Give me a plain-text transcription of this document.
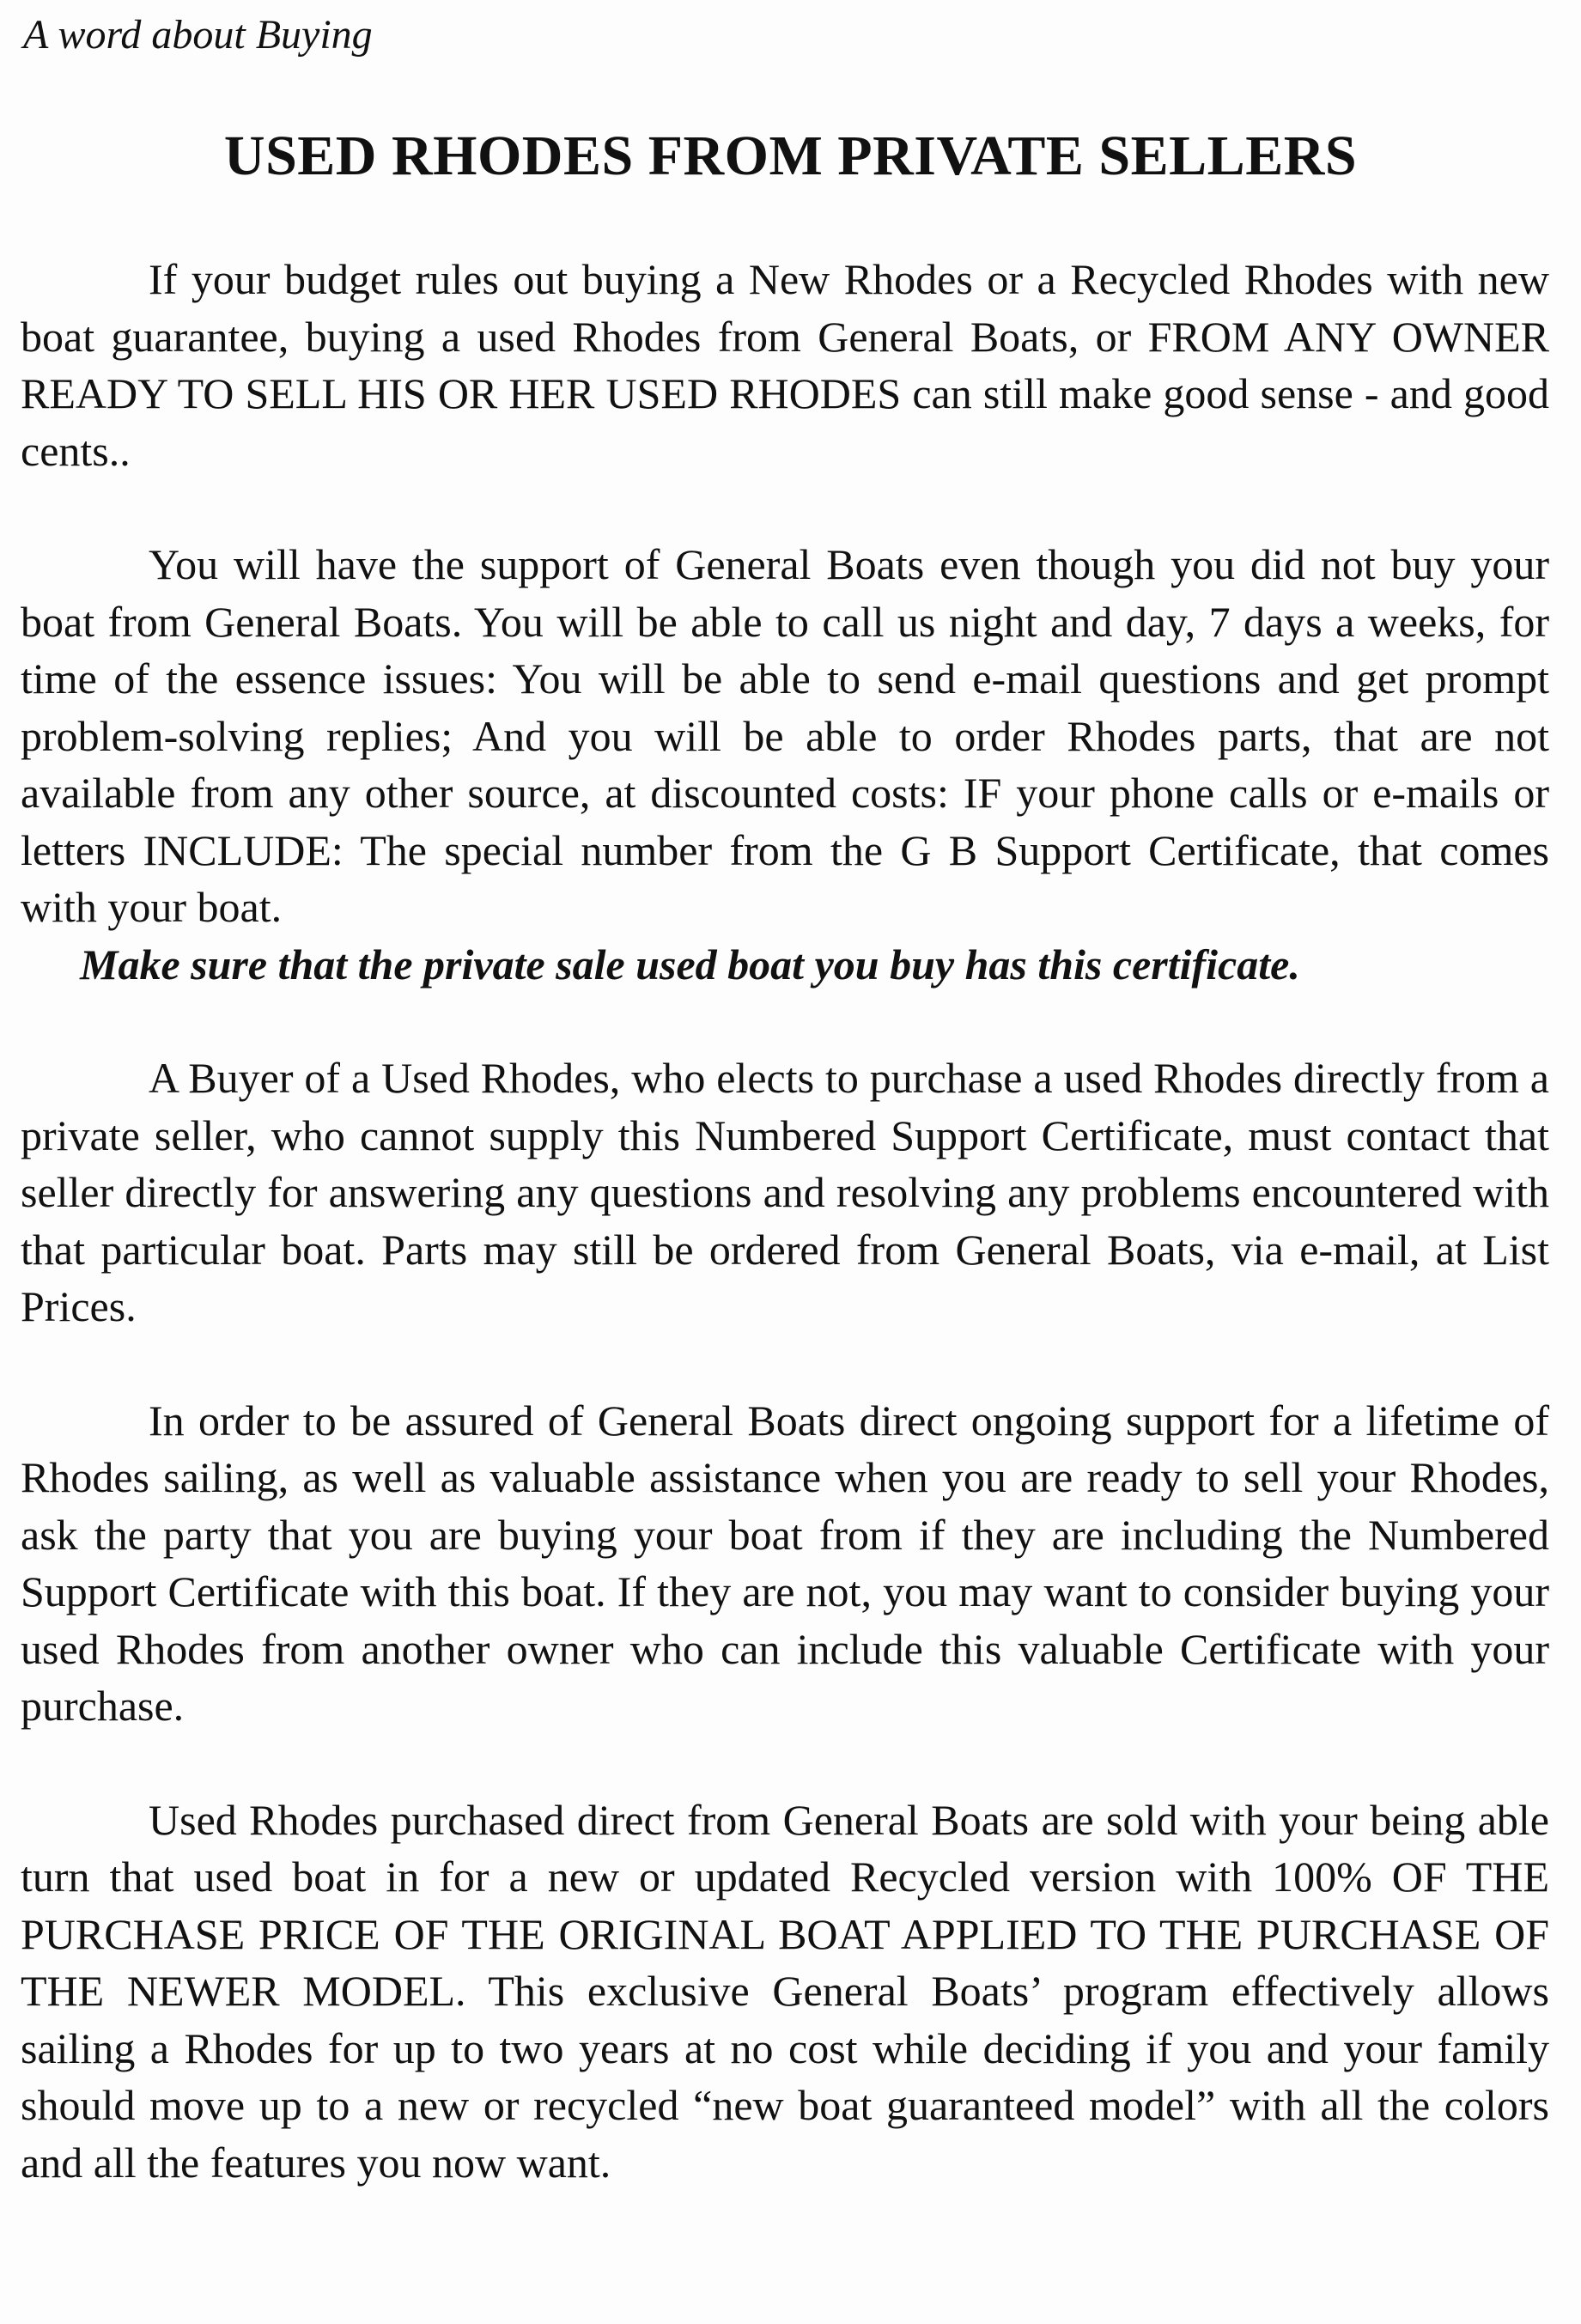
A word about Buying

USED RHODES FROM PRIVATE SELLERS

If your budget rules out buying a New Rhodes or a Recycled Rhodes with new boat guarantee, buying a used Rhodes from General Boats, or FROM ANY OWNER READY TO SELL HIS OR HER USED RHODES can still make good sense - and good cents..

You will have the support of General Boats even though you did not buy your boat from General Boats. You will be able to call us night and day, 7 days a weeks, for time of the essence issues: You will be able to send e-mail questions and get prompt problem-solving replies; And you will be able to order Rhodes parts, that are not available from any other source, at discounted costs: IF your phone calls or e-mails or letters INCLUDE: The special number from the G B Support Certificate, that comes with your boat.
Make sure that the private sale used boat you buy has this certificate.

A Buyer of a Used Rhodes, who elects to purchase a used Rhodes directly from a private seller, who cannot supply this Numbered Support Certificate, must contact that seller directly for answering any questions and resolving any problems encountered with that particular boat. Parts may still be ordered from General Boats, via e-mail, at List Prices.

In order to be assured of General Boats direct ongoing support for a lifetime of Rhodes sailing, as well as valuable assistance when you are ready to sell your Rhodes, ask the party that you are buying your boat from if they are including the Numbered Support Certificate with this boat. If they are not, you may want to consider buying your used Rhodes from another owner who can include this valuable Certificate with your purchase.

Used Rhodes purchased direct from General Boats are sold with your being able turn that used boat in for a new or updated Recycled version with 100% OF THE PURCHASE PRICE OF THE ORIGINAL BOAT APPLIED TO THE PURCHASE OF THE NEWER MODEL. This exclusive General Boats’ program effectively allows sailing a Rhodes for up to two years at no cost while deciding if you and your family should move up to a new or recycled “new boat guaranteed model” with all the colors and all the features you now want.
